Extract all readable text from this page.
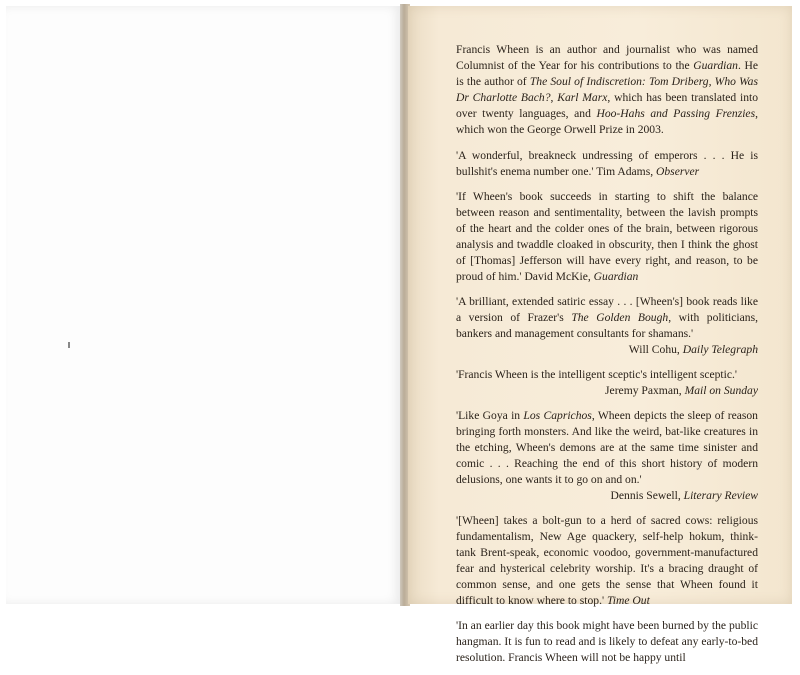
Francis Wheen is an author and journalist who was named Columnist of the Year for his contributions to the Guardian. He is the author of The Soul of Indiscretion: Tom Driberg, Who Was Dr Charlotte Bach?, Karl Marx, which has been translated into over twenty languages, and Hoo-Hahs and Passing Frenzies, which won the George Orwell Prize in 2003.

'A wonderful, breakneck undressing of emperors . . . He is bullshit's enema number one.' Tim Adams, Observer

'If Wheen's book succeeds in starting to shift the balance between reason and sentimentality, between the lavish prompts of the heart and the colder ones of the brain, between rigorous analysis and twaddle cloaked in obscurity, then I think the ghost of [Thomas] Jefferson will have every right, and reason, to be proud of him.' David McKie, Guardian

'A brilliant, extended satiric essay . . . [Wheen's] book reads like a version of Frazer's The Golden Bough, with politicians, bankers and management consultants for shamans.'
Will Cohu, Daily Telegraph

'Francis Wheen is the intelligent sceptic's intelligent sceptic.'
Jeremy Paxman, Mail on Sunday

'Like Goya in Los Caprichos, Wheen depicts the sleep of reason bringing forth monsters. And like the weird, bat-like creatures in the etching, Wheen's demons are at the same time sinister and comic . . . Reaching the end of this short history of modern delusions, one wants it to go on and on.'
Dennis Sewell, Literary Review

'[Wheen] takes a bolt-gun to a herd of sacred cows: religious fundamentalism, New Age quackery, self-help hokum, think-tank Brent-speak, economic voodoo, government-manufactured fear and hysterical celebrity worship. It's a bracing draught of common sense, and one gets the sense that Wheen found it difficult to know where to stop.' Time Out

'In an earlier day this book might have been burned by the public hangman. It is fun to read and is likely to defeat any early-to-bed resolution. Francis Wheen will not be happy until
